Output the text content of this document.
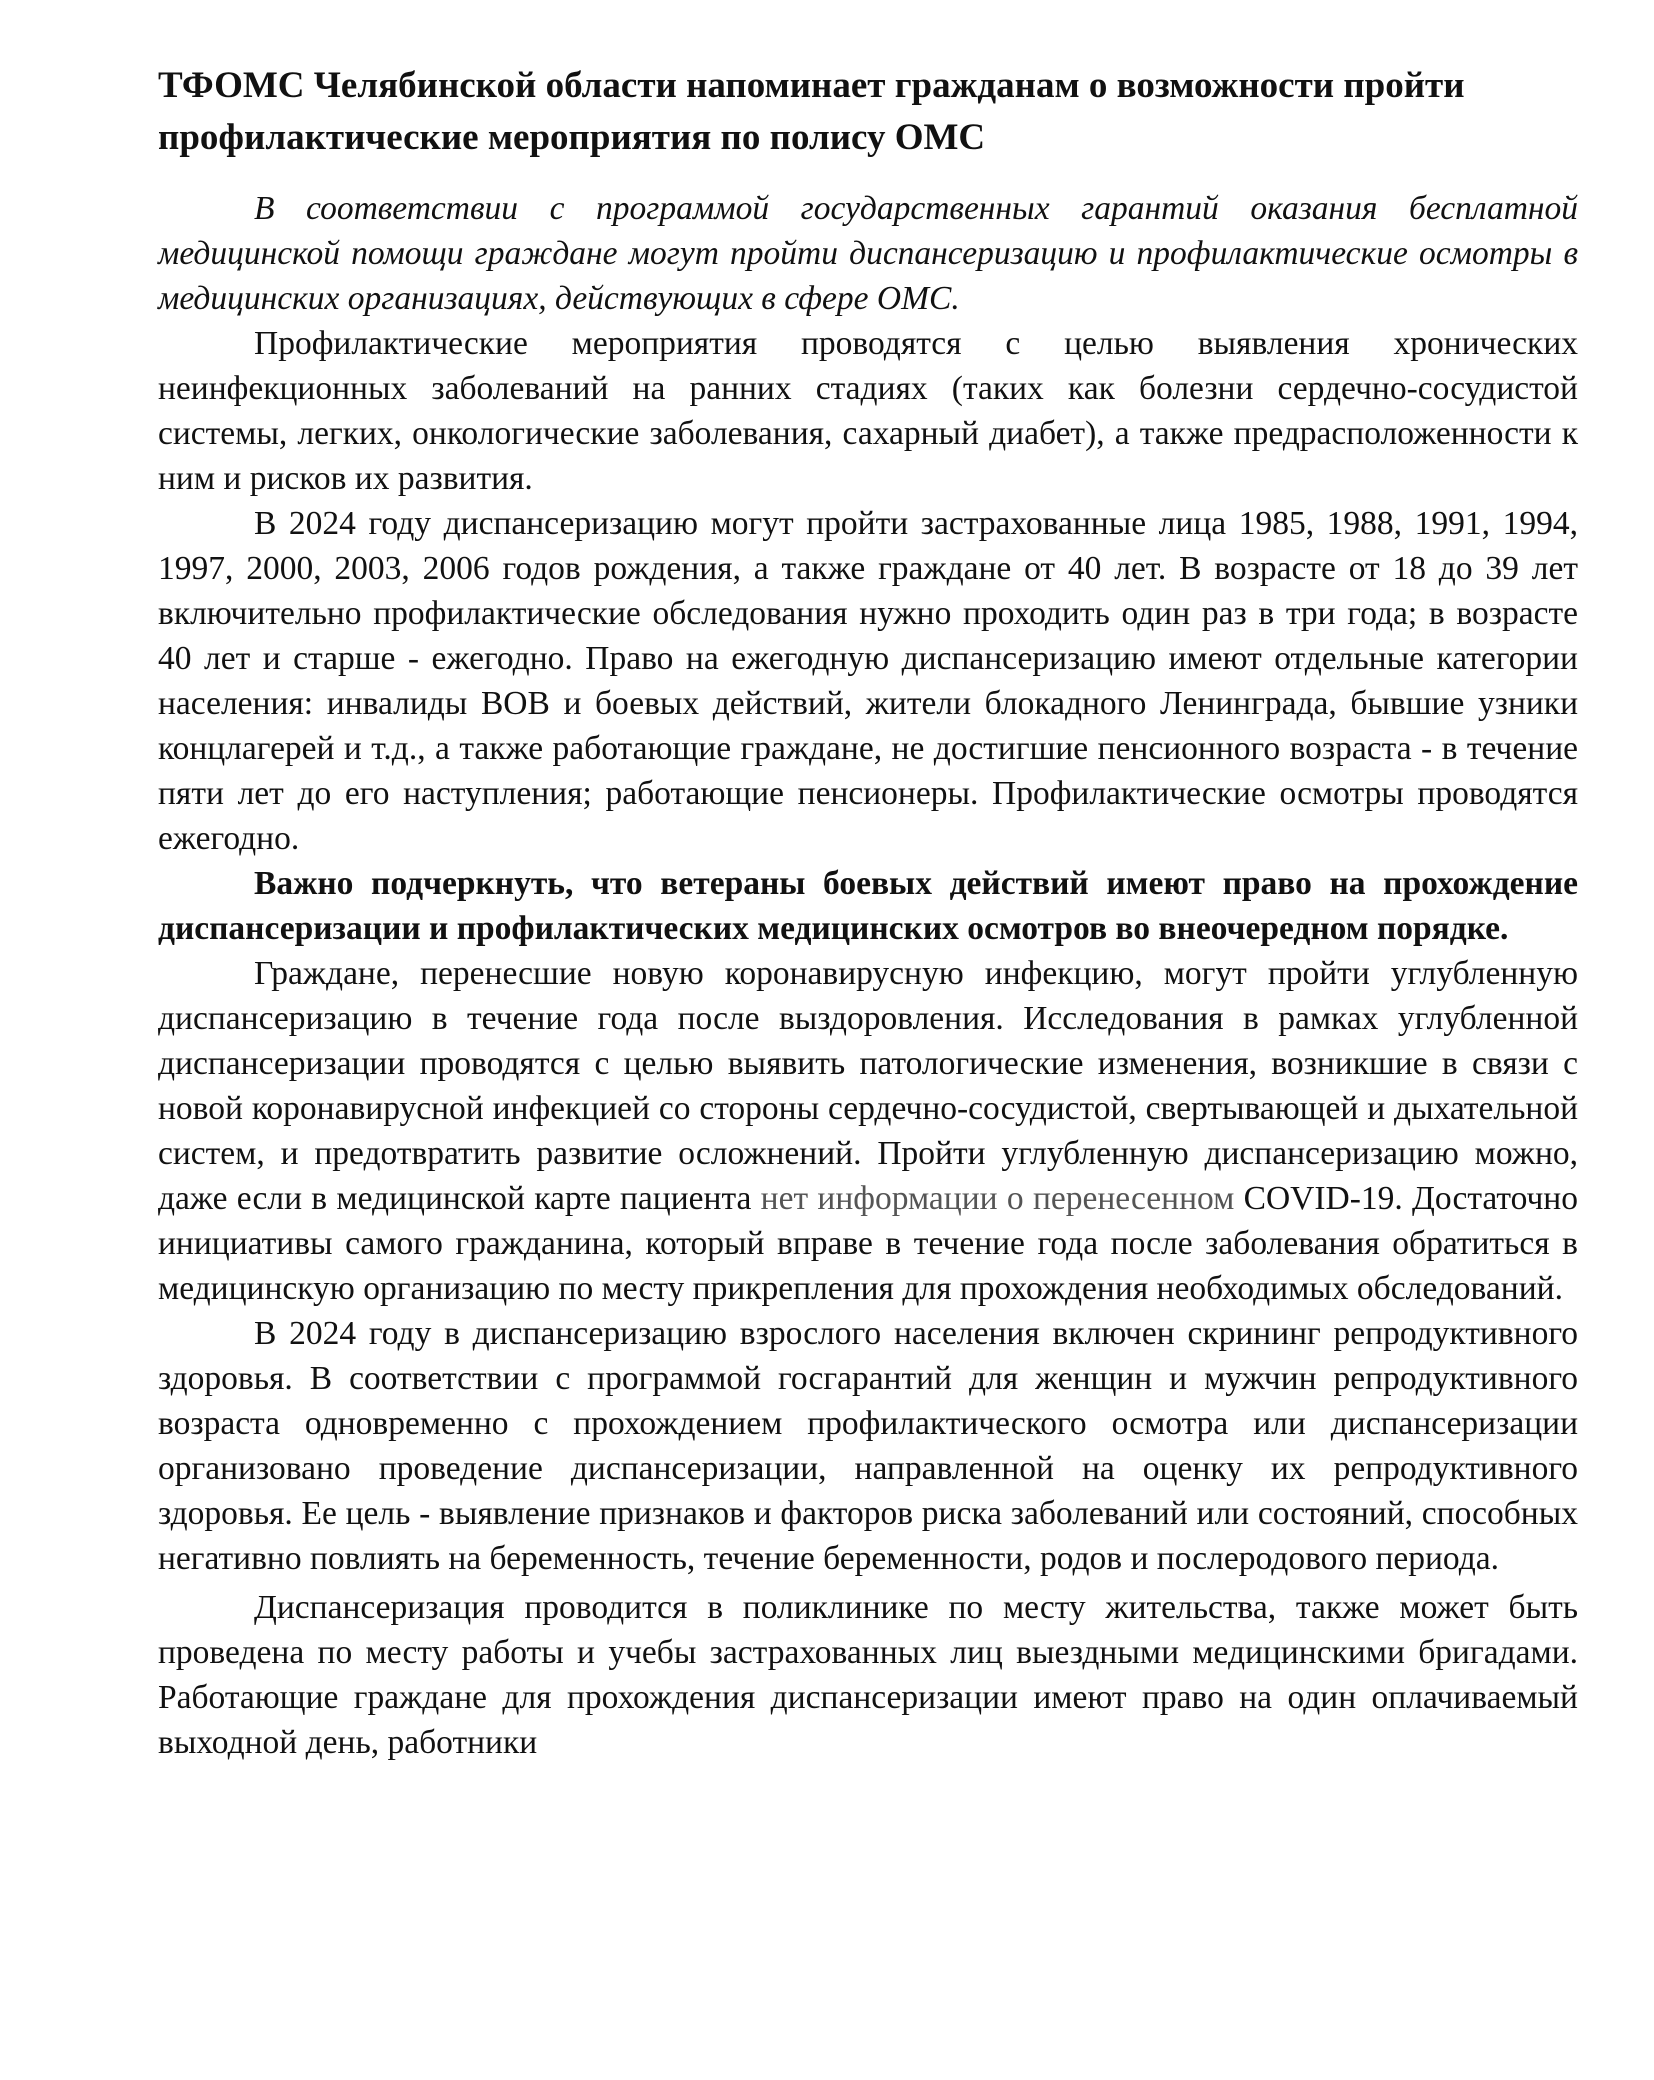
ТФОМС Челябинской области напоминает гражданам о возможности пройти профилактические мероприятия по полису ОМС

В соответствии с программой государственных гарантий оказания бесплатной медицинской помощи граждане могут пройти диспансеризацию и профилактические осмотры в медицинских организациях, действующих в сфере ОМС.

Профилактические мероприятия проводятся с целью выявления хронических неинфекционных заболеваний на ранних стадиях (таких как болезни сердечно-сосудистой системы, легких, онкологические заболевания, сахарный диабет), а также предрасположенности к ним и рисков их развития.

В 2024 году диспансеризацию могут пройти застрахованные лица 1985, 1988, 1991, 1994, 1997, 2000, 2003, 2006 годов рождения, а также граждане от 40 лет. В возрасте от 18 до 39 лет включительно профилактические обследования нужно проходить один раз в три года; в возрасте 40 лет и старше - ежегодно. Право на ежегодную диспансеризацию имеют отдельные категории населения: инвалиды ВОВ и боевых действий, жители блокадного Ленинграда, бывшие узники концлагерей и т.д., а также работающие граждане, не достигшие пенсионного возраста - в течение пяти лет до его наступления; работающие пенсионеры. Профилактические осмотры проводятся ежегодно.

Важно подчеркнуть, что ветераны боевых действий имеют право на прохождение диспансеризации и профилактических медицинских осмотров во внеочередном порядке.

Граждане, перенесшие новую коронавирусную инфекцию, могут пройти углубленную диспансеризацию в течение года после выздоровления. Исследования в рамках углубленной диспансеризации проводятся с целью выявить патологические изменения, возникшие в связи с новой коронавирусной инфекцией со стороны сердечно-сосудистой, свертывающей и дыхательной систем, и предотвратить развитие осложнений. Пройти углубленную диспансеризацию можно, даже если в медицинской карте пациента нет информации о перенесенном COVID-19. Достаточно инициативы самого гражданина, который вправе в течение года после заболевания обратиться в медицинскую организацию по месту прикрепления для прохождения необходимых обследований.

В 2024 году в диспансеризацию взрослого населения включен скрининг репродуктивного здоровья. В соответствии с программой госгарантий для женщин и мужчин репродуктивного возраста одновременно с прохождением профилактического осмотра или диспансеризации организовано проведение диспансеризации, направленной на оценку их репродуктивного здоровья. Ее цель - выявление признаков и факторов риска заболеваний или состояний, способных негативно повлиять на беременность, течение беременности, родов и послеродового периода.

Диспансеризация проводится в поликлинике по месту жительства, также может быть проведена по месту работы и учебы застрахованных лиц выездными медицинскими бригадами. Работающие граждане для прохождения диспансеризации имеют право на один оплачиваемый выходной день, работники
